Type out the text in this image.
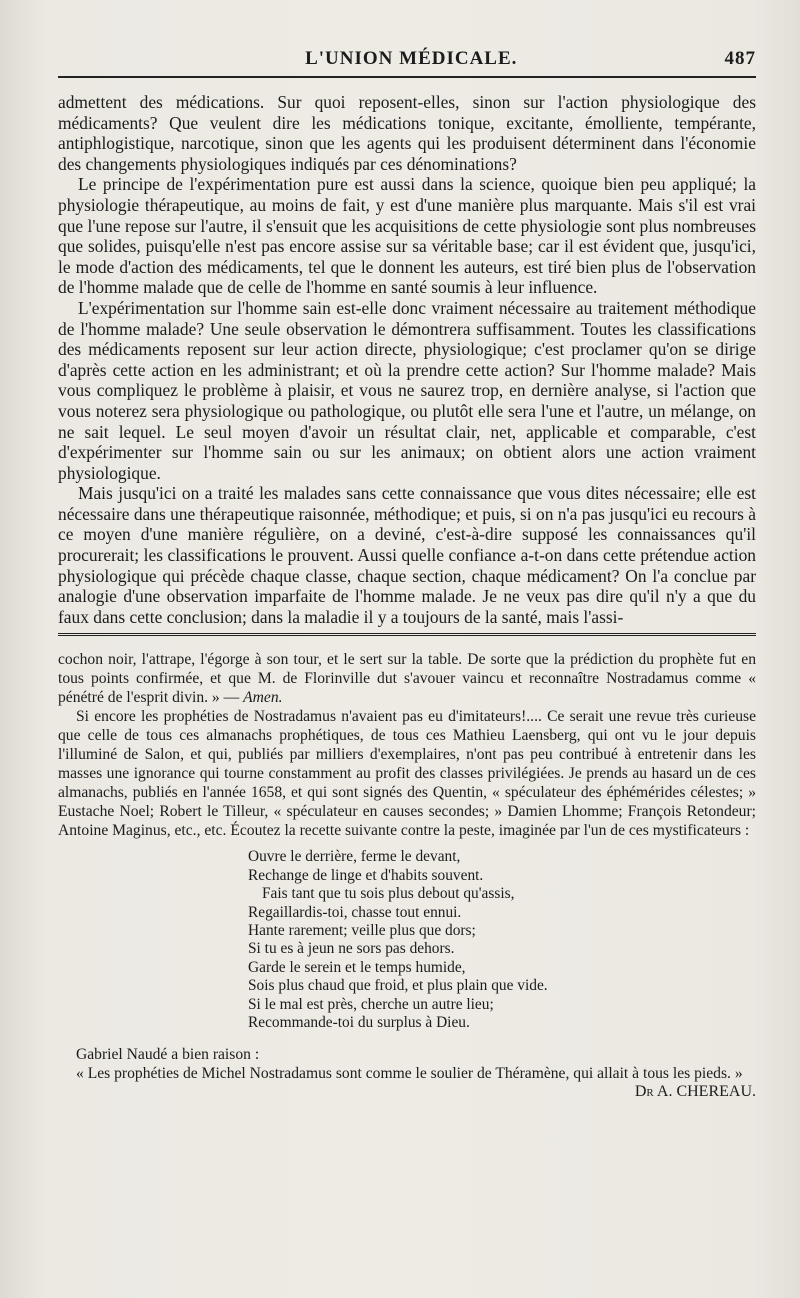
L'UNION MÉDICALE.	487

admettent des médications. Sur quoi reposent-elles, sinon sur l'action physiologique des médicaments? Que veulent dire les médications tonique, excitante, émolliente, tempérante, antiphlogistique, narcotique, sinon que les agents qui les produisent déterminent dans l'économie des changements physiologiques indiqués par ces dénominations?

Le principe de l'expérimentation pure est aussi dans la science, quoique bien peu appliqué; la physiologie thérapeutique, au moins de fait, y est d'une manière plus marquante. Mais s'il est vrai que l'une repose sur l'autre, il s'ensuit que les acquisitions de cette physiologie sont plus nombreuses que solides, puisqu'elle n'est pas encore assise sur sa véritable base; car il est évident que, jusqu'ici, le mode d'action des médicaments, tel que le donnent les auteurs, est tiré bien plus de l'observation de l'homme malade que de celle de l'homme en santé soumis à leur influence.

L'expérimentation sur l'homme sain est-elle donc vraiment nécessaire au traitement méthodique de l'homme malade? Une seule observation le démontrera suffisamment. Toutes les classifications des médicaments reposent sur leur action directe, physiologique; c'est proclamer qu'on se dirige d'après cette action en les administrant; et où la prendre cette action? Sur l'homme malade? Mais vous compliquez le problème à plaisir, et vous ne saurez trop, en dernière analyse, si l'action que vous noterez sera physiologique ou pathologique, ou plutôt elle sera l'une et l'autre, un mélange, on ne sait lequel. Le seul moyen d'avoir un résultat clair, net, applicable et comparable, c'est d'expérimenter sur l'homme sain ou sur les animaux; on obtient alors une action vraiment physiologique.

Mais jusqu'ici on a traité les malades sans cette connaissance que vous dites nécessaire; elle est nécessaire dans une thérapeutique raisonnée, méthodique; et puis, si on n'a pas jusqu'ici eu recours à ce moyen d'une manière régulière, on a deviné, c'est-à-dire supposé les connaissances qu'il procurerait; les classifications le prouvent. Aussi quelle confiance a-t-on dans cette prétendue action physiologique qui précède chaque classe, chaque section, chaque médicament? On l'a conclue par analogie d'une observation imparfaite de l'homme malade. Je ne veux pas dire qu'il n'y a que du faux dans cette conclusion; dans la maladie il y a toujours de la santé, mais l'assi-

cochon noir, l'attrape, l'égorge à son tour, et le sert sur la table. De sorte que la prédiction du prophète fut en tous points confirmée, et que M. de Florinville dut s'avouer vaincu et reconnaître Nostradamus comme « pénétré de l'esprit divin. » — Amen.

Si encore les prophéties de Nostradamus n'avaient pas eu d'imitateurs!.... Ce serait une revue très curieuse que celle de tous ces almanachs prophétiques, de tous ces Mathieu Laensberg, qui ont vu le jour depuis l'illuminé de Salon, et qui, publiés par milliers d'exemplaires, n'ont pas peu contribué à entretenir dans les masses une ignorance qui tourne constamment au profit des classes privilégiées. Je prends au hasard un de ces almanachs, publiés en l'année 1658, et qui sont signés des Quentin, « spéculateur des éphémérides célestes; » Eustache Noel; Robert le Tilleur, « spéculateur en causes secondes; » Damien Lhomme; François Retondeur; Antoine Maginus, etc., etc. Écoutez la recette suivante contre la peste, imaginée par l'un de ces mystificateurs :

Ouvre le derrière, ferme le devant,
Rechange de linge et d'habits souvent.
Fais tant que tu sois plus debout qu'assis,
Regaillardis-toi, chasse tout ennui.
Hante rarement; veille plus que dors;
Si tu es à jeun ne sors pas dehors.
Garde le serein et le temps humide,
Sois plus chaud que froid, et plus plain que vide.
Si le mal est près, cherche un autre lieu;
Recommande-toi du surplus à Dieu.

Gabriel Naudé a bien raison :

« Les prophéties de Michel Nostradamus sont comme le soulier de Théramène, qui allait à tous les pieds. »

Dr A. CHEREAU.
